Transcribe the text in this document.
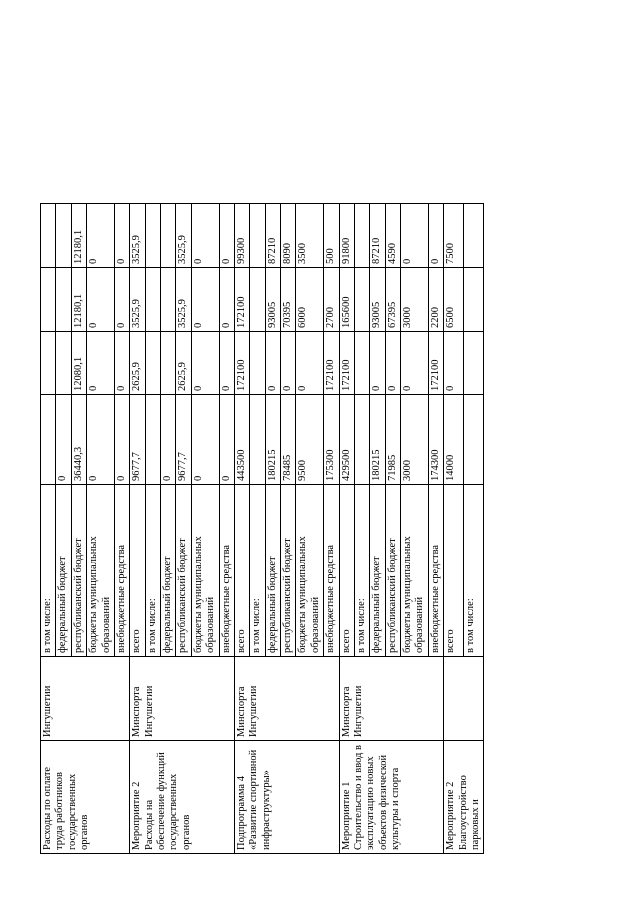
Расходы по оплате труда работников государственных органов	Ингушетии	в том числе:				
		федеральный бюджет	0			
		республиканский бюджет	36440,3	12080,1	12180,1	12180,1
		бюджеты муниципальных образований	0	0	0	0
		внебюджетные средства	0	0	0	0
Мероприятие 2 Расходы на обеспечение функций государственных органов	Минспорта Ингушетии	всего	9677,7	2625,9	3525,9	3525,9
		в том числе:				
		федеральный бюджет	0			
		республиканский бюджет	9677,7	2625,9	3525,9	3525,9
		бюджеты муниципальных образований	0	0	0	0
		внебюджетные средства	0	0	0	0
Подпрограмма 4 «Развитие спортивной инфраструктуры»	Минспорта Ингушетии	всего	443500	172100	172100	99300
		в том числе:				
		федеральный бюджет	180215	0	93005	87210
		республиканский бюджет	78485	0	70395	8090
		бюджеты муниципальных образований	9500	0	6000	3500
		внебюджетные средства	175300	172100	2700	500
Мероприятие 1 Строительство и ввод в эксплуатацию новых объектов физической культуры и спорта	Минспорта Ингушетии	всего	429500	172100	165600	91800
		в том числе:				
		федеральный бюджет	180215	0	93005	87210
		республиканский бюджет	71985	0	67395	4590
		бюджеты муниципальных образований	3000	0	3000	0
		внебюджетные средства	174300	172100	2200	0
Мероприятие 2 Благоустройство парковых и		всего	14000	0	6500	7500
		в том числе:				
